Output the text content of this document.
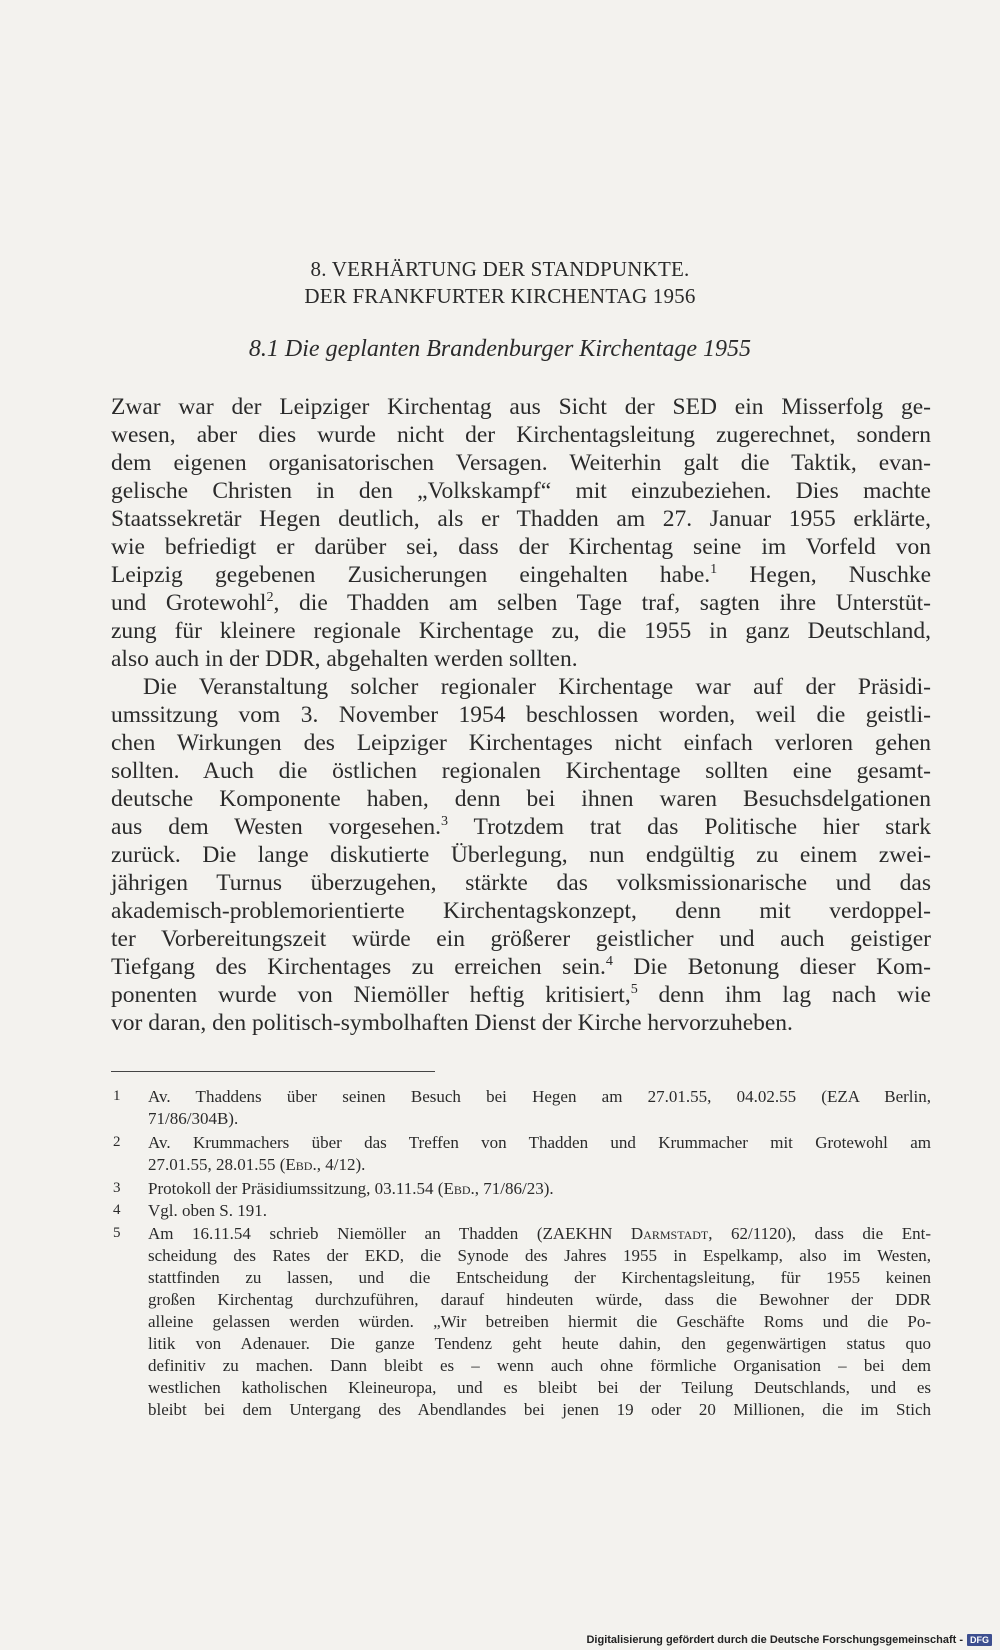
8. VERHÄRTUNG DER STANDPUNKTE.
DER FRANKFURTER KIRCHENTAG 1956
8.1 Die geplanten Brandenburger Kirchentage 1955
Zwar war der Leipziger Kirchentag aus Sicht der SED ein Misserfolg ge-
wesen, aber dies wurde nicht der Kirchentagsleitung zugerechnet, sondern
dem eigenen organisatorischen Versagen. Weiterhin galt die Taktik, evan-
gelische Christen in den „Volkskampf“ mit einzubeziehen. Dies machte
Staatssekretär Hegen deutlich, als er Thadden am 27. Januar 1955 erklärte,
wie befriedigt er darüber sei, dass der Kirchentag seine im Vorfeld von
Leipzig gegebenen Zusicherungen eingehalten habe.$^1$ Hegen, Nuschke
und Grotewohl$^2$, die Thadden am selben Tage traf, sagten ihre Unterstüt-
zung für kleinere regionale Kirchentage zu, die 1955 in ganz Deutschland,
also auch in der DDR, abgehalten werden sollten.
Die Veranstaltung solcher regionaler Kirchentage war auf der Präsidi-
umssitzung vom 3. November 1954 beschlossen worden, weil die geistli-
chen Wirkungen des Leipziger Kirchentages nicht einfach verloren gehen
sollten. Auch die östlichen regionalen Kirchentage sollten eine gesamt-
deutsche Komponente haben, denn bei ihnen waren Besuchsdelgationen
aus dem Westen vorgesehen.$^3$ Trotzdem trat das Politische hier stark
zurück. Die lange diskutierte Überlegung, nun endgültig zu einem zwei-
jährigen Turnus überzugehen, stärkte das volksmissionarische und das
akademisch-problemorientierte Kirchentagskonzept, denn mit verdoppel-
ter Vorbereitungszeit würde ein größerer geistlicher und auch geistiger
Tiefgang des Kirchentages zu erreichen sein.$^4$ Die Betonung dieser Kom-
ponenten wurde von Niemöller heftig kritisiert,$^5$ denn ihm lag nach wie
vor daran, den politisch-symbolhaften Dienst der Kirche hervorzuheben.
1 Av. Thaddens über seinen Besuch bei Hegen am 27.01.55, 04.02.55 (EZA Berlin,
71/86/304B).
2 Av. Krummachers über das Treffen von Thadden und Krummacher mit Grotewohl am
27.01.55, 28.01.55 (Ebd., 4/12).
3 Protokoll der Präsidiumssitzung, 03.11.54 (Ebd., 71/86/23).
4 Vgl. oben S. 191.
5 Am 16.11.54 schrieb Niemöller an Thadden (ZAEKHN Darmstadt, 62/1120), dass die Ent-
scheidung des Rates der EKD, die Synode des Jahres 1955 in Espelkamp, also im Westen,
stattfinden zu lassen, und die Entscheidung der Kirchentagsleitung, für 1955 keinen
großen Kirchentag durchzuführen, darauf hindeuten würde, dass die Bewohner der DDR
alleine gelassen werden würden. „Wir betreiben hiermit die Geschäfte Roms und die Po-
litik von Adenauer. Die ganze Tendenz geht heute dahin, den gegenwärtigen status quo
definitiv zu machen. Dann bleibt es – wenn auch ohne förmliche Organisation – bei dem
westlichen katholischen Kleineuropa, und es bleibt bei der Teilung Deutschlands, und es
bleibt bei dem Untergang des Abendlandes bei jenen 19 oder 20 Millionen, die im Stich
Digitalisierung gefördert durch die Deutsche Forschungsgemeinschaft - DFG
